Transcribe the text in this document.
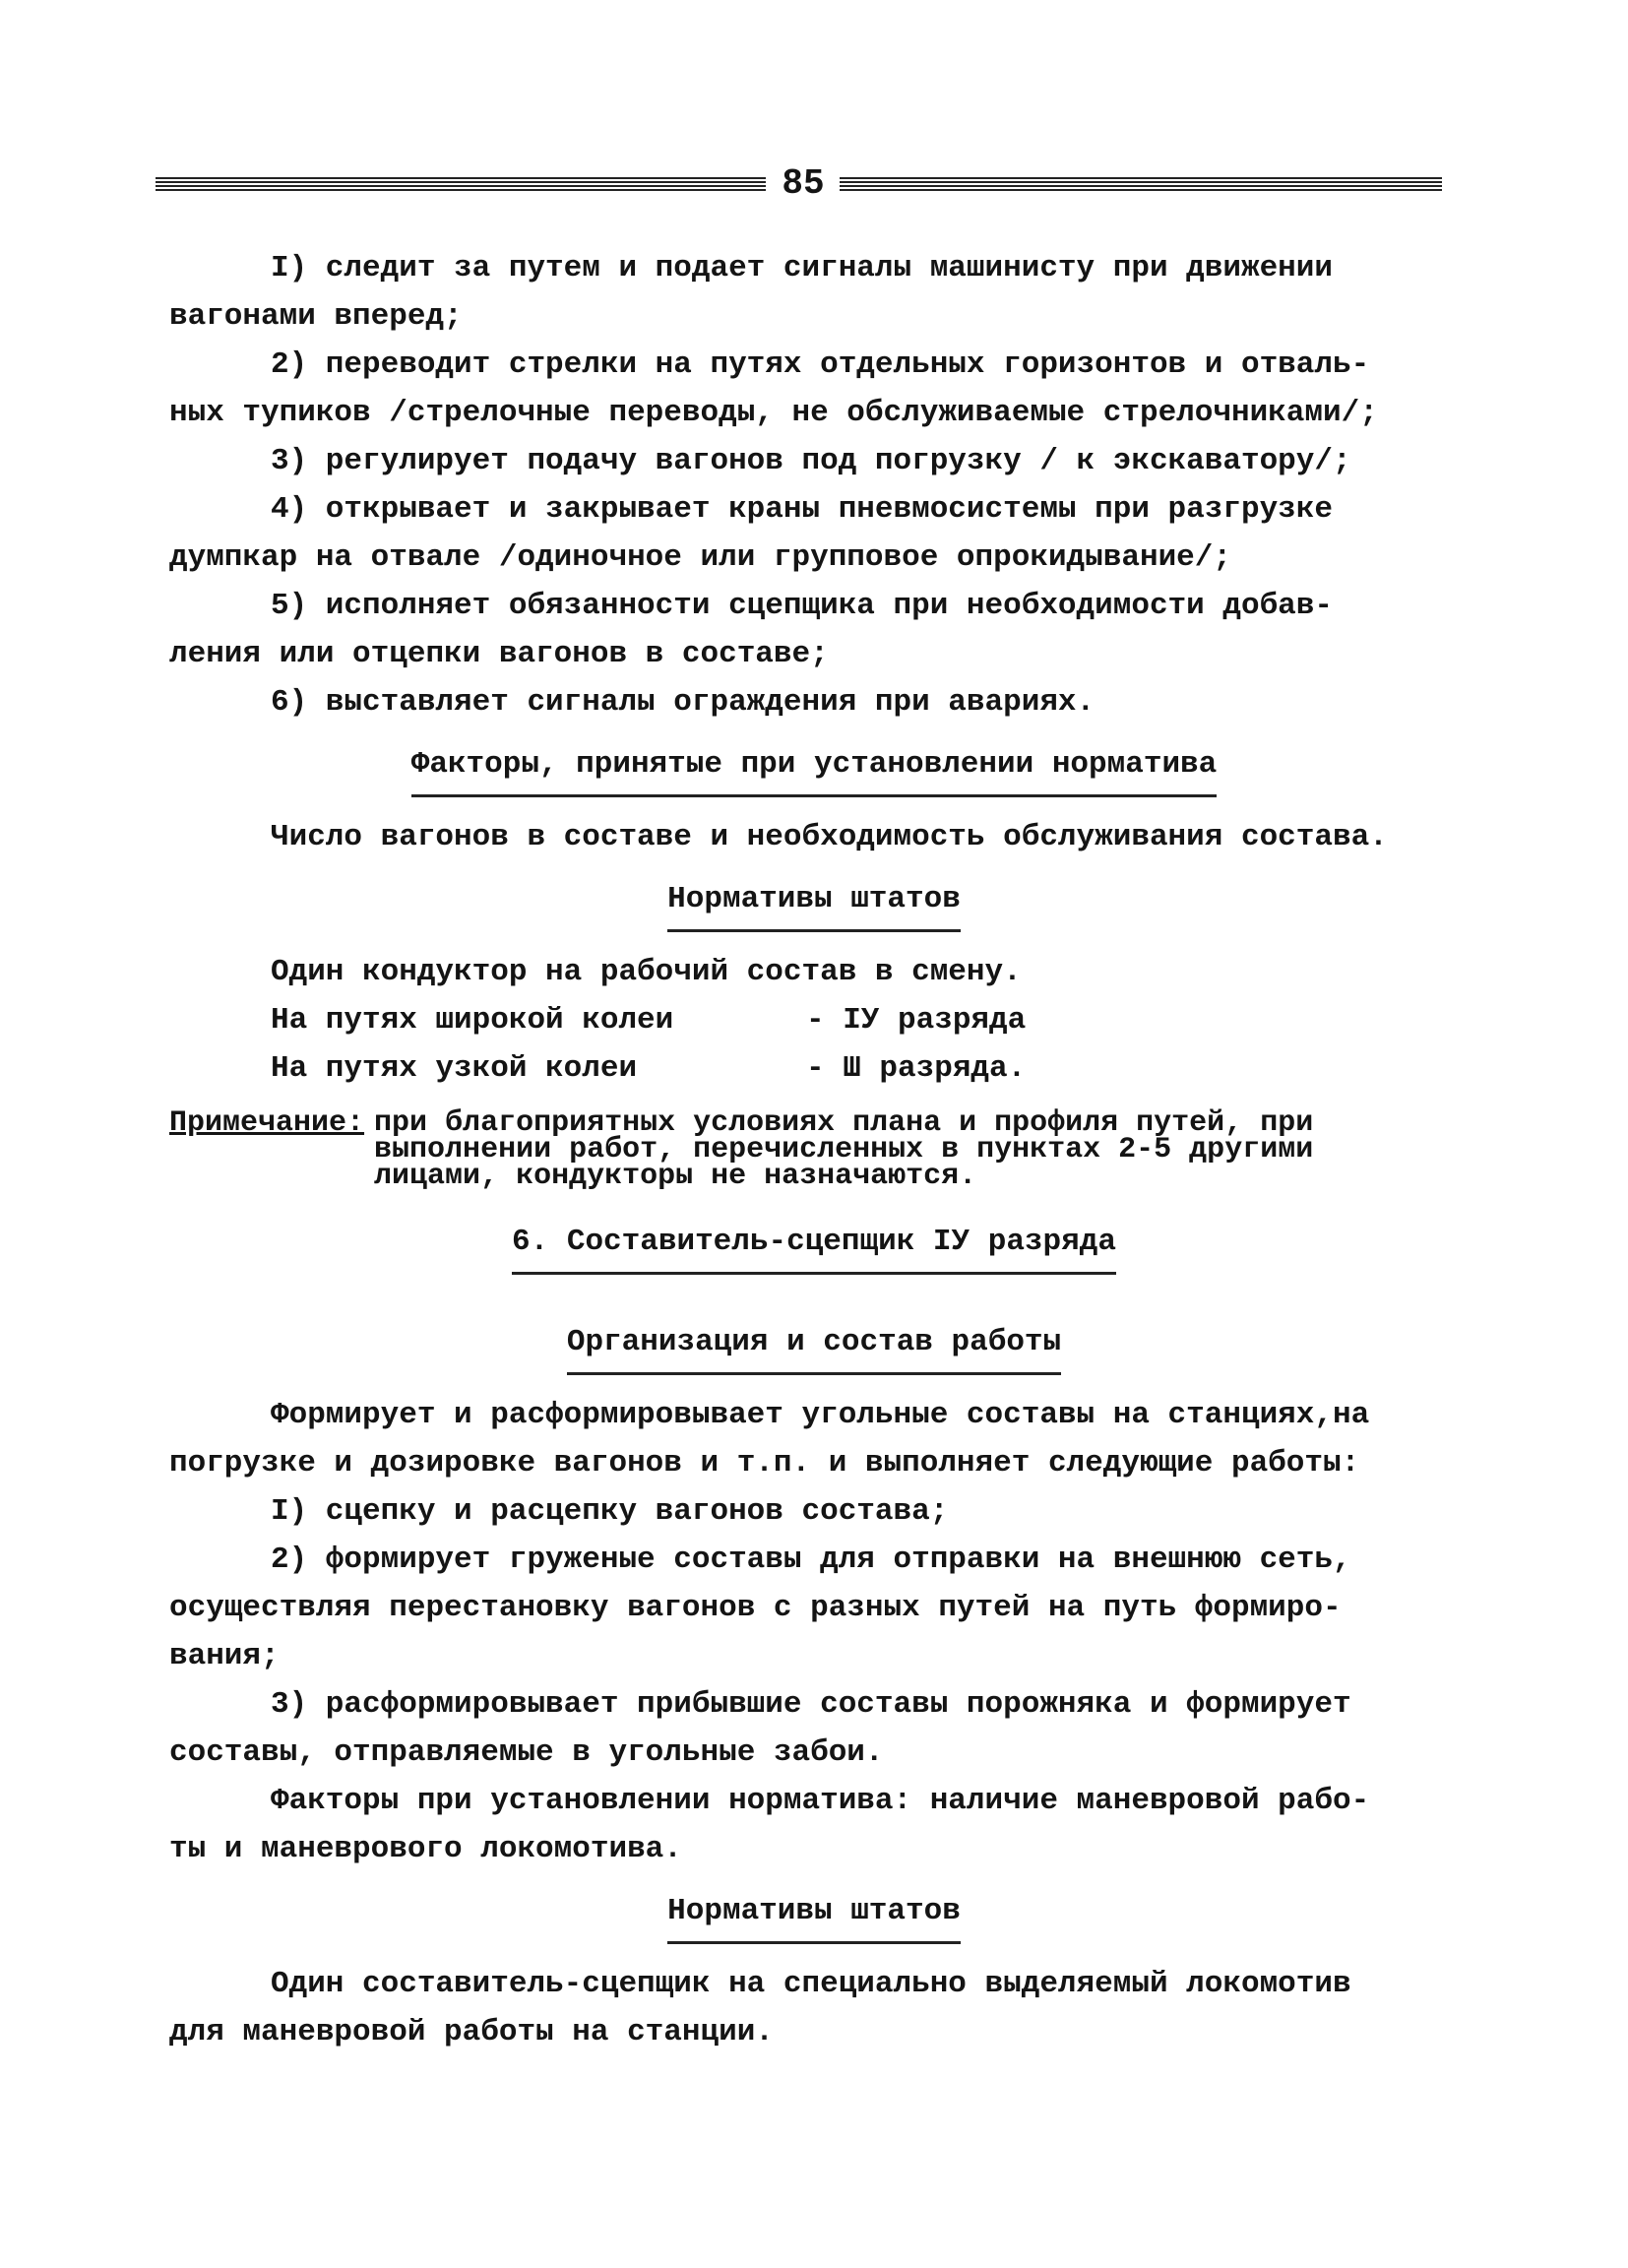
85

I) следит за путем и подает сигналы машинисту при движении

вагонами вперед;

2) переводит стрелки на путях отдельных горизонтов и отваль-

ных тупиков /стрелочные переводы, не обслуживаемые стрелочниками/;

3) регулирует подачу вагонов под погрузку / к экскаватору/;

4) открывает и закрывает краны пневмосистемы при разгрузке

думпкар на отвале /одиночное или групповое опрокидывание/;

5) исполняет обязанности сцепщика при необходимости добав-

ления или отцепки вагонов в составе;

6) выставляет сигналы ограждения при авариях.

Факторы, принятые при установлении норматива

Число вагонов в составе и необходимость обслуживания состава.

Нормативы штатов

Один кондуктор на рабочий состав в смену.

На путях широкой колеи	- IУ разряда
На путях узкой колеи	- Ш разряда.
Примечание: при благоприятных условиях плана и профиля путей, при

выполнении работ, перечисленных в пунктах 2-5 другими

лицами, кондукторы не назначаются.

6. Составитель-сцепщик IУ разряда
Организация и состав работы

Формирует и расформировывает угольные составы на станциях,на

погрузке и дозировке вагонов и т.п. и выполняет следующие работы:

I) сцепку и расцепку вагонов состава;

2) формирует груженые составы для отправки на внешнюю сеть,

осуществляя перестановку вагонов с разных путей на путь формиро-

вания;

3) расформировывает прибывшие составы порожняка и формирует

составы, отправляемые в угольные забои.

Факторы при установлении норматива: наличие маневровой рабо-

ты и маневрового локомотива.

Нормативы штатов

Один составитель-сцепщик на специально выделяемый локомотив

для маневровой работы на станции.
